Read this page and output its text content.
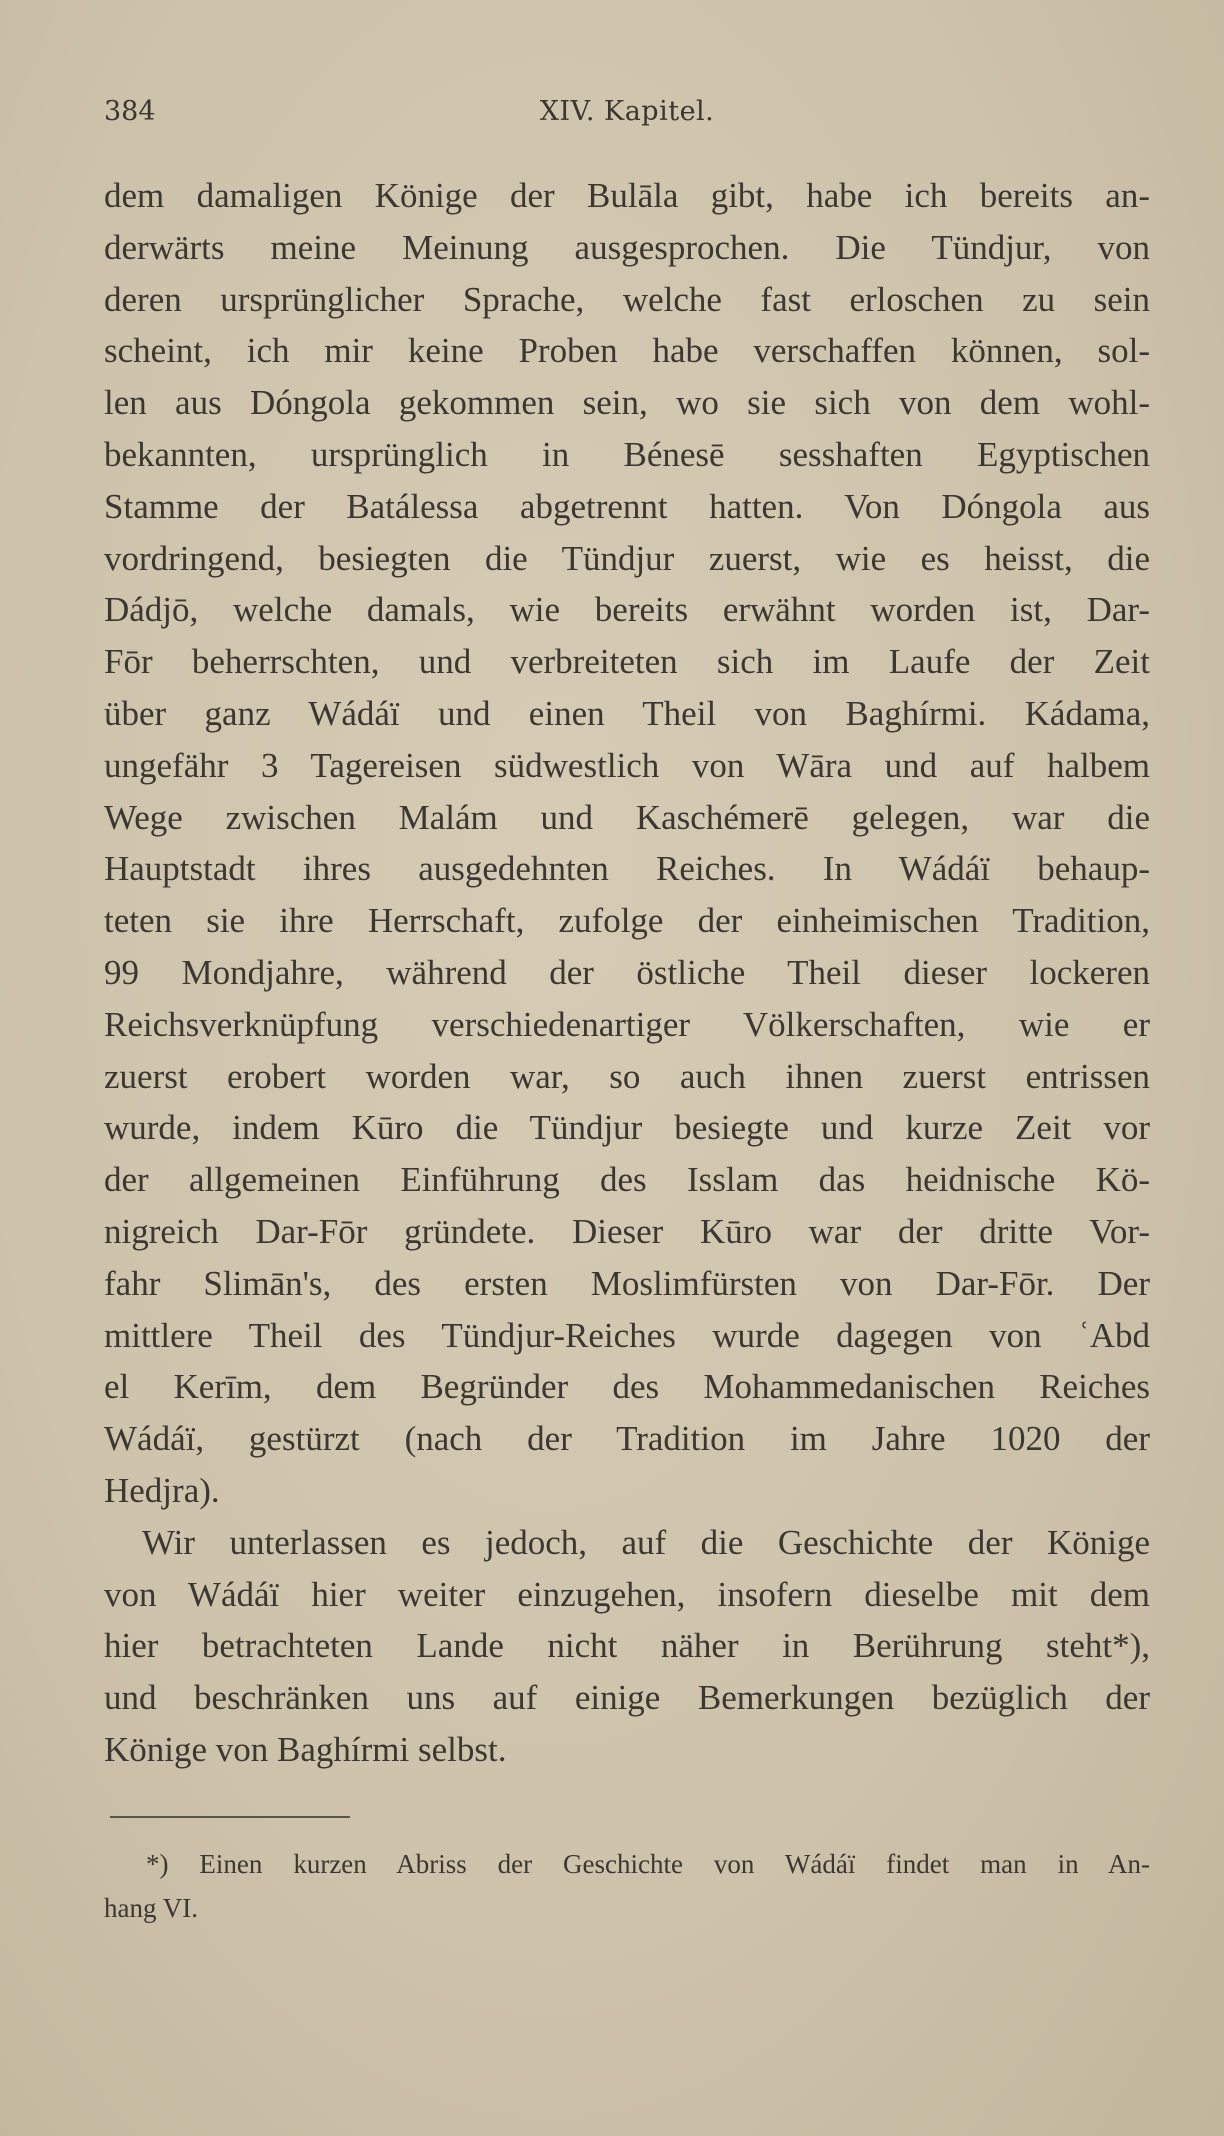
384	XIV. Kapitel.
dem damaligen Könige der Bulāla gibt, habe ich bereits an-
derwärts meine Meinung ausgesprochen. Die Tündjur, von
deren ursprünglicher Sprache, welche fast erloschen zu sein
scheint, ich mir keine Proben habe verschaffen können, sol-
len aus Dóngola gekommen sein, wo sie sich von dem wohl-
bekannten, ursprünglich in Bénesē sesshaften Egyptischen
Stamme der Batálessa abgetrennt hatten. Von Dóngola aus
vordringend, besiegten die Tündjur zuerst, wie es heisst, die
Dádjō, welche damals, wie bereits erwähnt worden ist, Dar-
Fōr beherrschten, und verbreiteten sich im Laufe der Zeit
über ganz Wádáï und einen Theil von Baghírmi. Kádama,
ungefähr 3 Tagereisen südwestlich von Wāra und auf halbem
Wege zwischen Malám und Kaschémerē gelegen, war die
Hauptstadt ihres ausgedehnten Reiches. In Wádáï behaup-
teten sie ihre Herrschaft, zufolge der einheimischen Tradition,
99 Mondjahre, während der östliche Theil dieser lockeren
Reichsverknüpfung verschiedenartiger Völkerschaften, wie er
zuerst erobert worden war, so auch ihnen zuerst entrissen
wurde, indem Kūro die Tündjur besiegte und kurze Zeit vor
der allgemeinen Einführung des Isslam das heidnische Kö-
nigreich Dar-Fōr gründete. Dieser Kūro war der dritte Vor-
fahr Slimān's, des ersten Moslimfürsten von Dar-Fōr. Der
mittlere Theil des Tündjur-Reiches wurde dagegen von ʿAbd
el Kerīm, dem Begründer des Mohammedanischen Reiches
Wádáï, gestürzt (nach der Tradition im Jahre 1020 der
Hedjra).
Wir unterlassen es jedoch, auf die Geschichte der Könige
von Wádáï hier weiter einzugehen, insofern dieselbe mit dem
hier betrachteten Lande nicht näher in Berührung steht*),
und beschränken uns auf einige Bemerkungen bezüglich der
Könige von Baghírmi selbst.
*) Einen kurzen Abriss der Geschichte von Wádáï findet man in An-
hang VI.
